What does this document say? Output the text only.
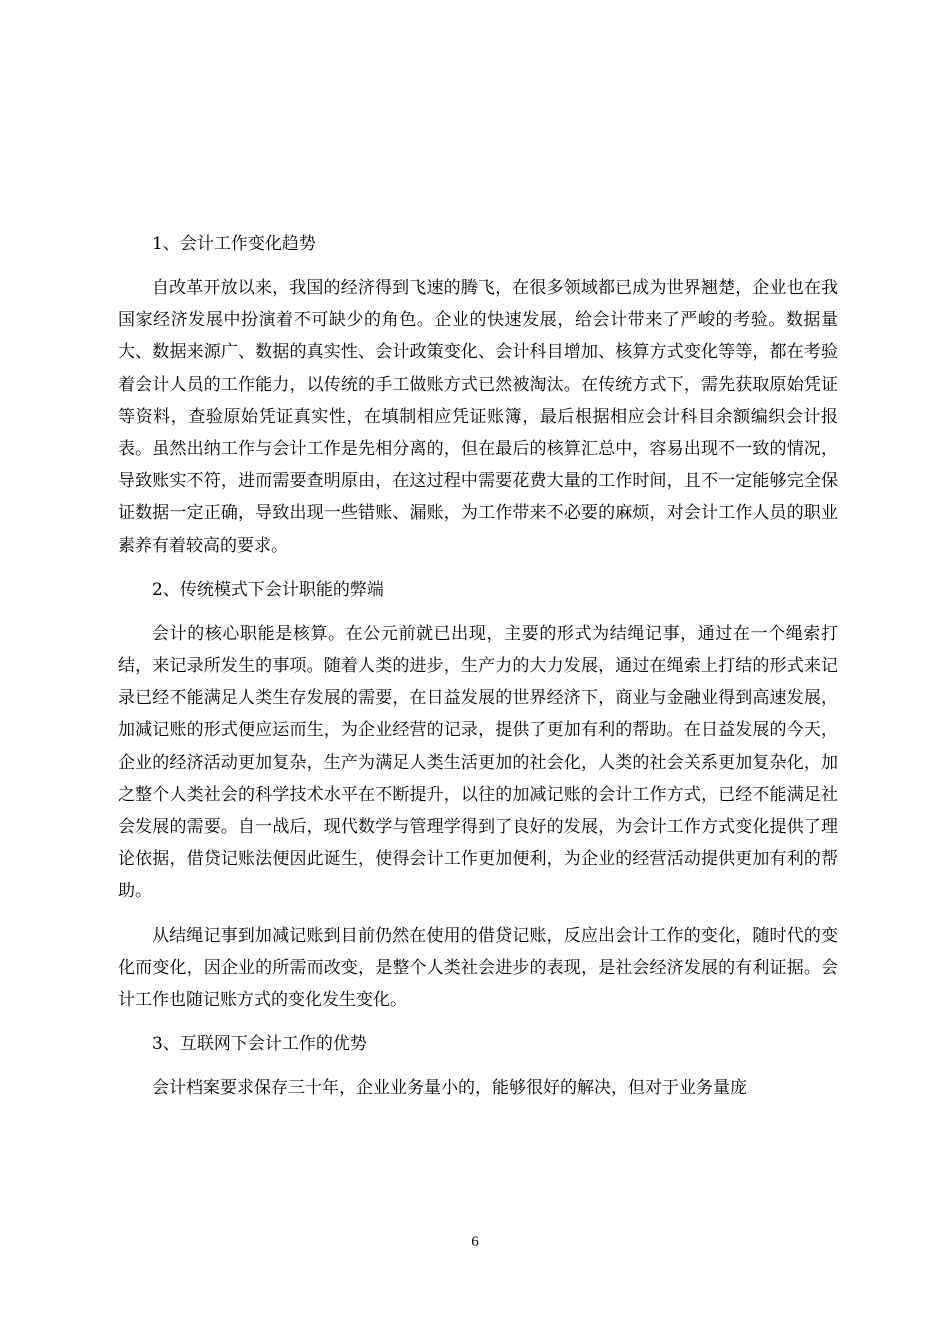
1、会计工作变化趋势

自改革开放以来，我国的经济得到飞速的腾飞，在很多领域都已成为世界翘楚，企业也在我国家经济发展中扮演着不可缺少的角色。企业的快速发展，给会计带来了严峻的考验。数据量大、数据来源广、数据的真实性、会计政策变化、会计科目增加、核算方式变化等等，都在考验着会计人员的工作能力，以传统的手工做账方式已然被淘汰。在传统方式下，需先获取原始凭证等资料，查验原始凭证真实性，在填制相应凭证账簿，最后根据相应会计科目余额编织会计报表。虽然出纳工作与会计工作是先相分离的，但在最后的核算汇总中，容易出现不一致的情况，导致账实不符，进而需要查明原由，在这过程中需要花费大量的工作时间，且不一定能够完全保证数据一定正确，导致出现一些错账、漏账，为工作带来不必要的麻烦，对会计工作人员的职业素养有着较高的要求。

2、传统模式下会计职能的弊端

会计的核心职能是核算。在公元前就已出现，主要的形式为结绳记事，通过在一个绳索打结，来记录所发生的事项。随着人类的进步，生产力的大力发展，通过在绳索上打结的形式来记录已经不能满足人类生存发展的需要，在日益发展的世界经济下，商业与金融业得到高速发展，加减记账的形式便应运而生，为企业经营的记录，提供了更加有利的帮助。在日益发展的今天，企业的经济活动更加复杂，生产为满足人类生活更加的社会化，人类的社会关系更加复杂化，加之整个人类社会的科学技术水平在不断提升，以往的加减记账的会计工作方式，已经不能满足社会发展的需要。自一战后，现代数学与管理学得到了良好的发展，为会计工作方式变化提供了理论依据，借贷记账法便因此诞生，使得会计工作更加便利，为企业的经营活动提供更加有利的帮助。

从结绳记事到加减记账到目前仍然在使用的借贷记账，反应出会计工作的变化，随时代的变化而变化，因企业的所需而改变，是整个人类社会进步的表现，是社会经济发展的有利证据。会计工作也随记账方式的变化发生变化。

3、互联网下会计工作的优势

会计档案要求保存三十年，企业业务量小的，能够很好的解决，但对于业务量庞

6
